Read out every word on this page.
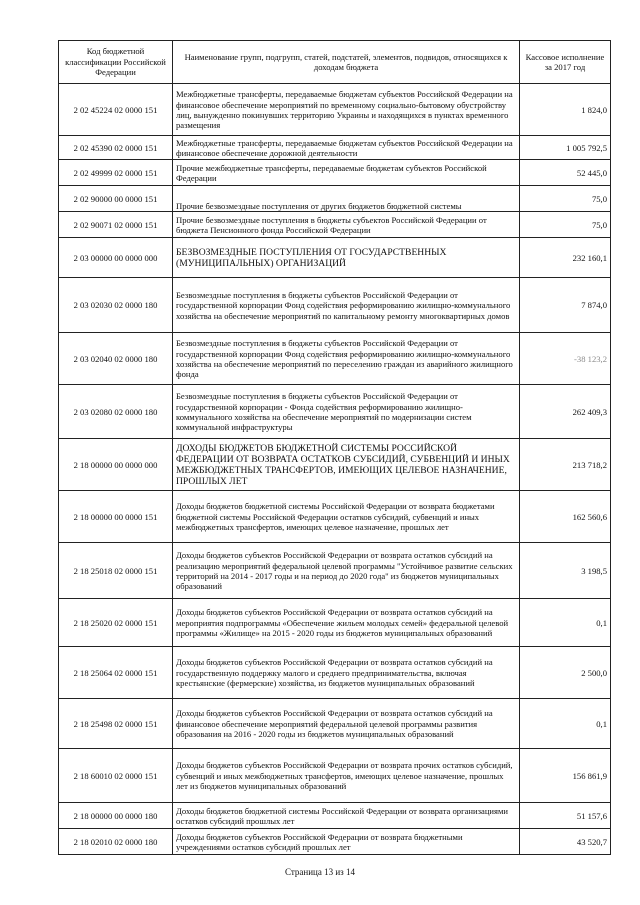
Код бюджетной классификации Российской Федерации	Наименование групп, подгрупп, статей, подстатей, элементов, подвидов, относящихся к доходам бюджета	Кассовое исполнение за 2017 год
2 02 45224 02 0000 151	Межбюджетные трансферты, передаваемые бюджетам субъектов Российской Федерации на финансовое обеспечение мероприятий по временному социально-бытовому обустройству лиц, вынужденно покинувших территорию Украины и находящихся в пунктах временного размещения	1 824,0
2 02 45390 02 0000 151	Межбюджетные трансферты, передаваемые бюджетам субъектов Российской Федерации на финансовое обеспечение дорожной деятельности	1 005 792,5
2 02 49999 02 0000 151	Прочие межбюджетные трансферты, передаваемые бюджетам субъектов Российской Федерации	52 445,0
2 02 90000 00 0000 151	Прочие безвозмездные поступления от других бюджетов бюджетной системы	75,0
2 02 90071 02 0000 151	Прочие безвозмездные поступления в бюджеты субъектов Российской Федерации от бюджета Пенсионного фонда Российской Федерации	75,0
2 03 00000 00 0000 000	БЕЗВОЗМЕЗДНЫЕ ПОСТУПЛЕНИЯ ОТ ГОСУДАРСТВЕННЫХ (МУНИЦИПАЛЬНЫХ) ОРГАНИЗАЦИЙ	232 160,1
2 03 02030 02 0000 180	Безвозмездные поступления в бюджеты субъектов Российской Федерации от государственной корпорации Фонд содействия реформированию жилищно-коммунального хозяйства на обеспечение мероприятий по капитальному ремонту многоквартирных домов	7 874,0
2 03 02040 02 0000 180	Безвозмездные поступления в бюджеты субъектов Российской Федерации от государственной корпорации Фонд содействия реформированию жилищно-коммунального хозяйства на обеспечение мероприятий по переселению граждан из аварийного жилищного фонда	-38 123,2
2 03 02080 02 0000 180	Безвозмездные поступления в бюджеты субъектов Российской Федерации от государственной корпорации - Фонда содействия реформированию жилищно-коммунального хозяйства на обеспечение мероприятий по модернизации систем коммунальной инфраструктуры	262 409,3
2 18 00000 00 0000 000	ДОХОДЫ БЮДЖЕТОВ БЮДЖЕТНОЙ СИСТЕМЫ РОССИЙСКОЙ ФЕДЕРАЦИИ ОТ ВОЗВРАТА ОСТАТКОВ СУБСИДИЙ, СУБВЕНЦИЙ И ИНЫХ МЕЖБЮДЖЕТНЫХ ТРАНСФЕРТОВ, ИМЕЮЩИХ ЦЕЛЕВОЕ НАЗНАЧЕНИЕ, ПРОШЛЫХ ЛЕТ	213 718,2
2 18 00000 00 0000 151	Доходы бюджетов бюджетной системы Российской Федерации от возврата бюджетами бюджетной системы Российской Федерации остатков субсидий, субвенций и иных межбюджетных трансфертов, имеющих целевое назначение, прошлых лет	162 560,6
2 18 25018 02 0000 151	Доходы бюджетов субъектов Российской Федерации от возврата остатков субсидий на реализацию мероприятий федеральной целевой программы "Устойчивое развитие сельских территорий на 2014 - 2017 годы и на период до 2020 года" из бюджетов муниципальных образований	3 198,5
2 18 25020 02 0000 151	Доходы бюджетов субъектов Российской Федерации от возврата остатков субсидий на мероприятия подпрограммы «Обеспечение жильем молодых семей» федеральной целевой программы «Жилище» на 2015 - 2020 годы из бюджетов муниципальных образований	0,1
2 18 25064 02 0000 151	Доходы бюджетов субъектов Российской Федерации от возврата остатков субсидий на государственную поддержку малого и среднего предпринимательства, включая крестьянские (фермерские) хозяйства, из бюджетов муниципальных образований	2 500,0
2 18 25498 02 0000 151	Доходы бюджетов субъектов Российской Федерации от возврата остатков субсидий на финансовое обеспечение мероприятий федеральной целевой программы развития образования на 2016 - 2020 годы из бюджетов муниципальных образований	0,1
2 18 60010 02 0000 151	Доходы бюджетов субъектов Российской Федерации от возврата прочих остатков субсидий, субвенций и иных межбюджетных трансфертов, имеющих целевое назначение, прошлых лет из бюджетов муниципальных образований	156 861,9
2 18 00000 00 0000 180	Доходы бюджетов бюджетной системы Российской Федерации от возврата организациями остатков субсидий прошлых лет	51 157,6
2 18 02010 02 0000 180	Доходы бюджетов субъектов Российской Федерации от возврата бюджетными учреждениями остатков субсидий прошлых лет	43 520,7
Страница 13 из 14
